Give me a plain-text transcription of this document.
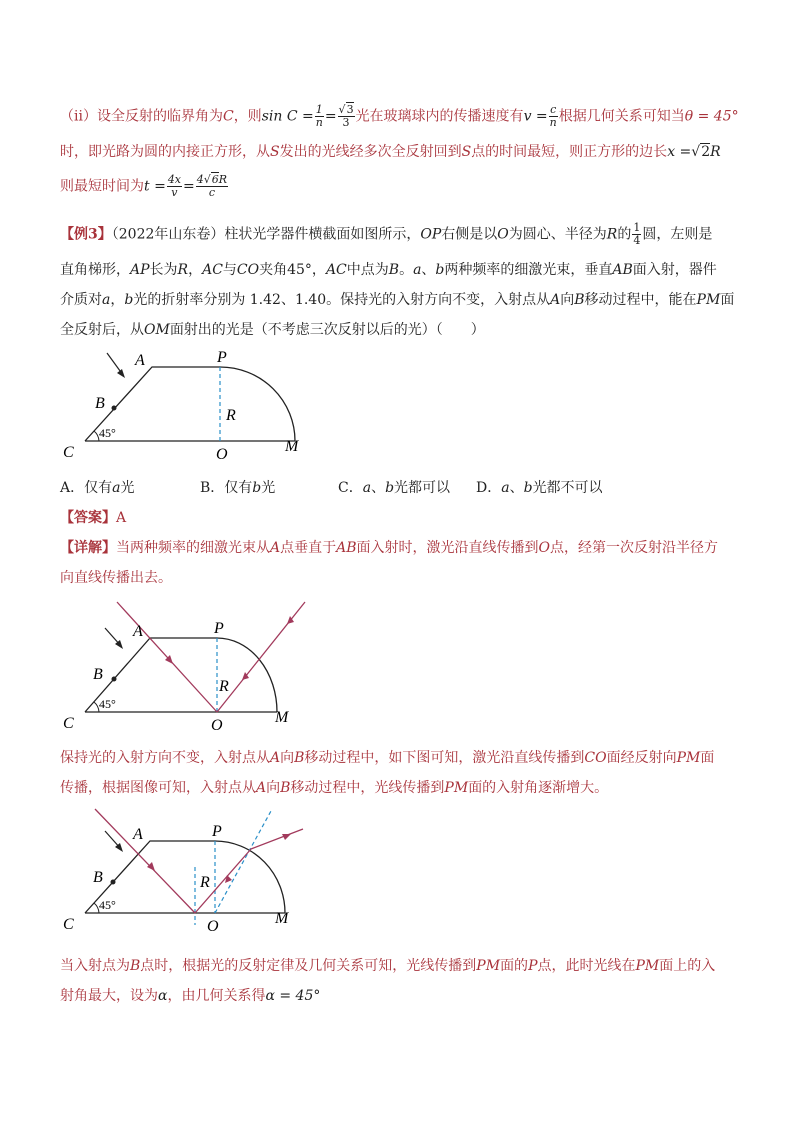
（ⅱ）设全反射的临界角为C，则$\sin C = \frac{1}{n} = \frac{√3}{3}$ 光在玻璃球内的传播速度有$v = \frac{c}{n}$ 根据几何关系可知当θ = 45°
时，即光路为圆的内接正方形，从S发出的光线经多次全反射回到S点的时间最短，则正方形的边长x =√2R
则最短时间为$t = \frac{4x}{v} = \frac{4√6R}{c}$
【例3】（2022年山东卷）柱状光学器件横截面如图所示，OP右侧是以O为圆心、半径为R的 $\frac{1}{4}$ 圆，左则是
直角梯形，AP长为R，AC与CO夹角45°，AC中点为B。a、b两种频率的细激光束，垂直AB面入射，器件
介质对a，b光的折射率分别为 1.42、1.40。保持光的入射方向不变，入射点从A向B移动过程中，能在PM面
全反射后，从OM面射出的光是（不考虑三次反射以后的光）（　　）
A	P
B
R
C	O	M
45°
A．仅有a光	B．仅有b光	C．a、b光都可以 D．a、b光都不可以
【答案】A
【详解】当两种频率的细激光束从A点垂直于AB面入射时，激光沿直线传播到O点，经第一次反射沿半径方
向直线传播出去。
A	P
B
R
C	O	M
45°
保持光的入射方向不变，入射点从A向B移动过程中，如下图可知，激光沿直线传播到CO面经反射向PM面
传播，根据图像可知，入射点从A向B移动过程中，光线传播到PM面的入射角逐渐增大。
A	P
B	R
C	O	M
45°
当入射点为B点时，根据光的反射定律及几何关系可知，光线传播到PM面的P点，此时光线在PM面上的入
射角最大，设为α，由几何关系得α = 45°
